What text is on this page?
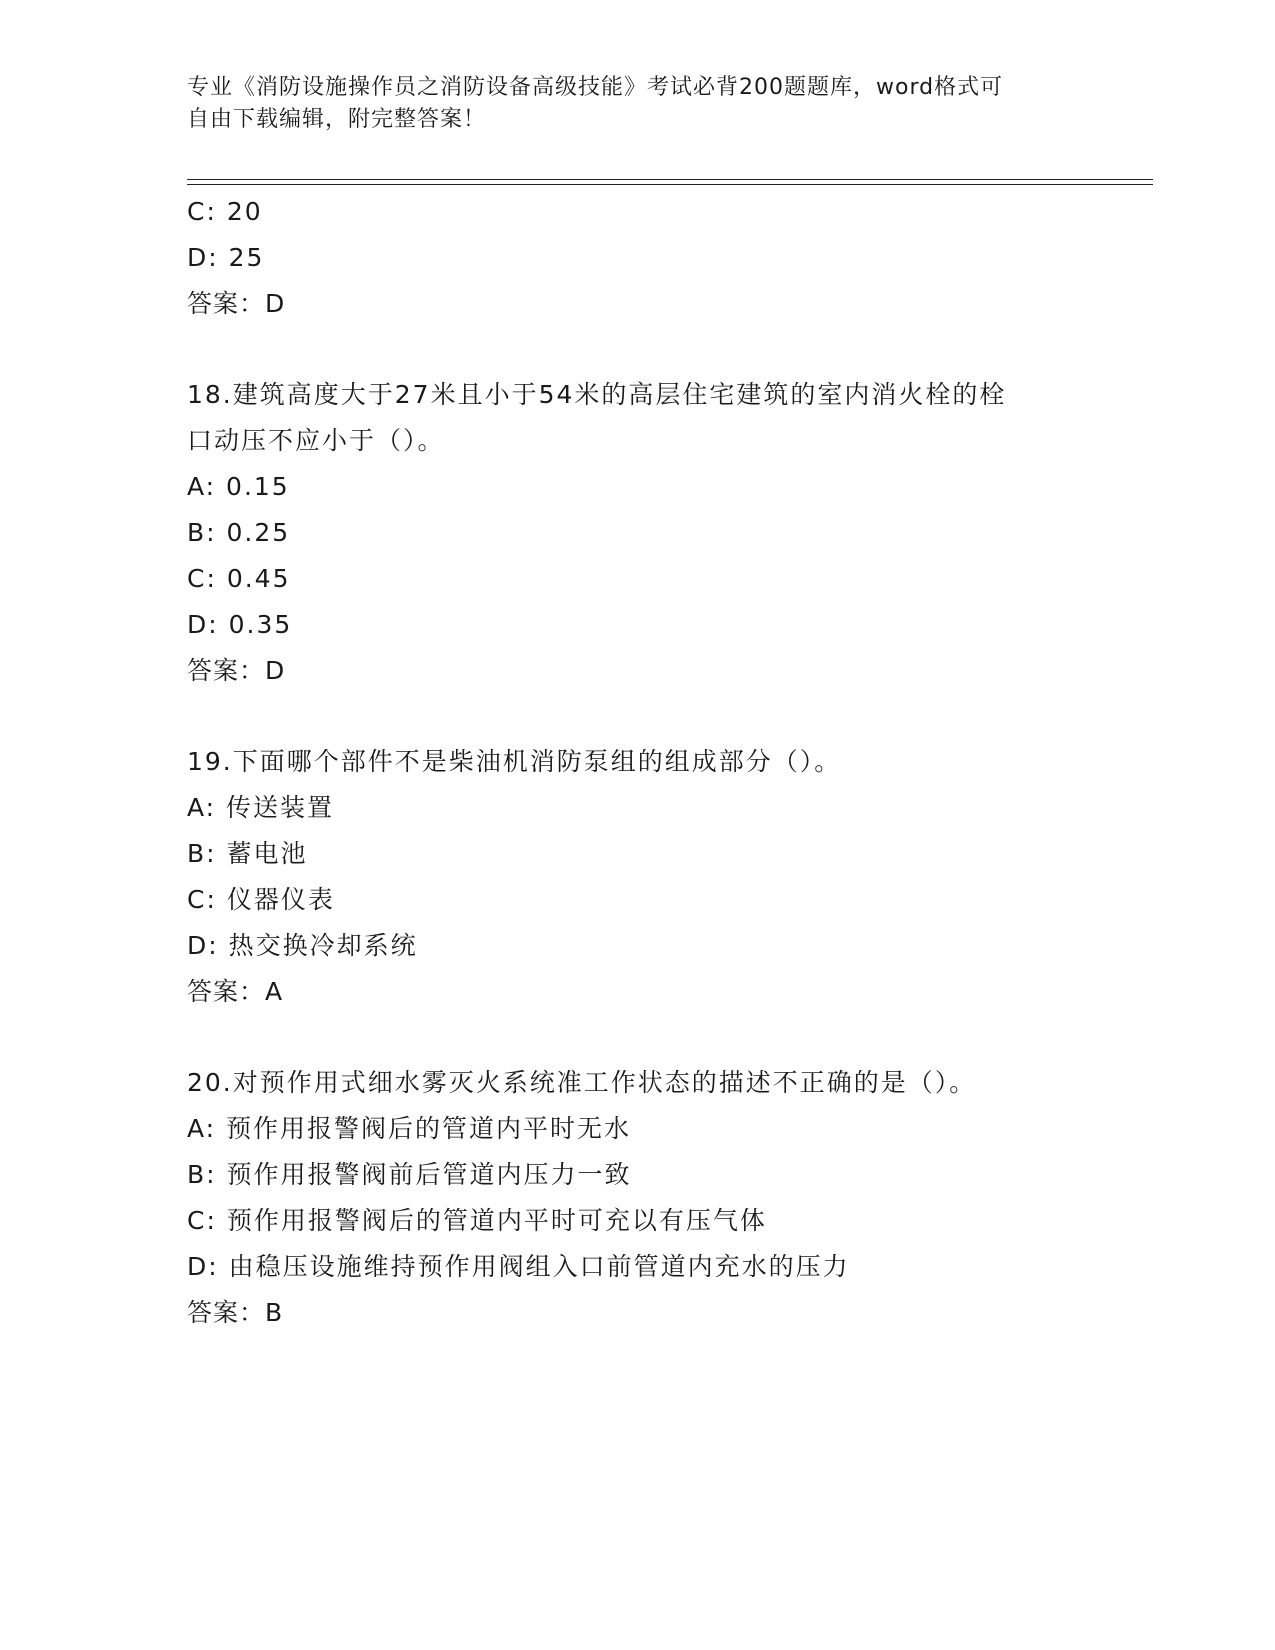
专业《消防设施操作员之消防设备高级技能》考试必背200题题库，word格式可
自由下载编辑，附完整答案！
C: 20
D: 25
答案：D
18.建筑高度大于27米且小于54米的高层住宅建筑的室内消火栓的栓
口动压不应小于（）。
A: 0.15
B: 0.25
C: 0.45
D: 0.35
答案：D
19.下面哪个部件不是柴油机消防泵组的组成部分（）。
A: 传送装置
B: 蓄电池
C: 仪器仪表
D: 热交换冷却系统
答案：A
20.对预作用式细水雾灭火系统准工作状态的描述不正确的是（）。
A: 预作用报警阀后的管道内平时无水
B: 预作用报警阀前后管道内压力一致
C: 预作用报警阀后的管道内平时可充以有压气体
D: 由稳压设施维持预作用阀组入口前管道内充水的压力
答案：B
